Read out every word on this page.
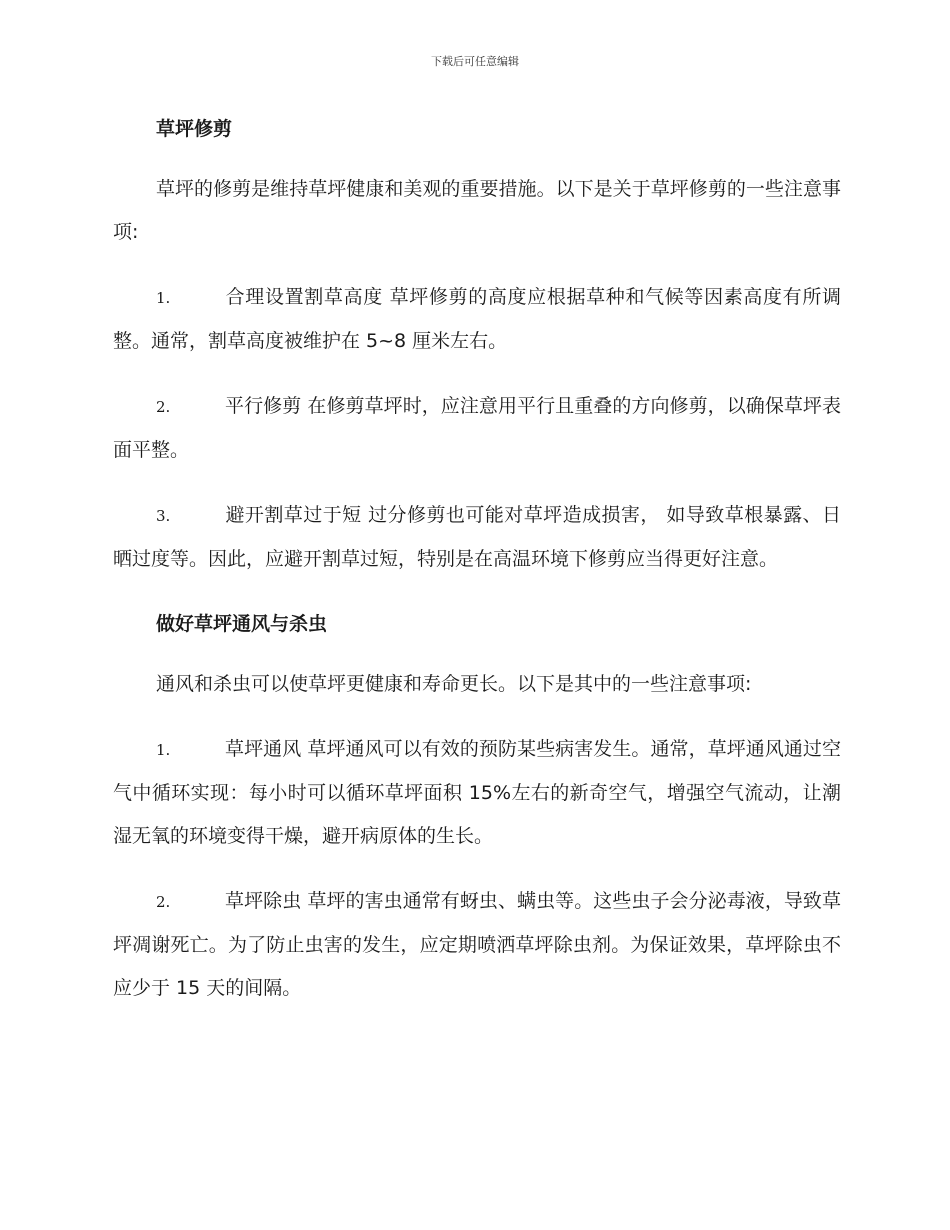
下载后可任意编辑

草坪修剪

草坪的修剪是维持草坪健康和美观的重要措施。以下是关于草坪修剪的一些注意事项:

1.	合理设置割草高度 草坪修剪的高度应根据草种和气候等因素高度有所调整。通常，割草高度被维护在 5~8 厘米左右。

2.	平行修剪 在修剪草坪时，应注意用平行且重叠的方向修剪，以确保草坪表面平整。

3.	避开割草过于短 过分修剪也可能对草坪造成损害， 如导致草根暴露、日晒过度等。因此，应避开割草过短，特别是在高温环境下修剪应当得更好注意。

做好草坪通风与杀虫

通风和杀虫可以使草坪更健康和寿命更长。以下是其中的一些注意事项:

1.	草坪通风 草坪通风可以有效的预防某些病害发生。通常，草坪通风通过空气中循环实现：每小时可以循环草坪面积 15%左右的新奇空气，增强空气流动，让潮湿无氧的环境变得干燥，避开病原体的生长。

2.	草坪除虫 草坪的害虫通常有蚜虫、螨虫等。这些虫子会分泌毒液，导致草坪凋谢死亡。为了防止虫害的发生，应定期喷洒草坪除虫剂。为保证效果，草坪除虫不应少于 15 天的间隔。
